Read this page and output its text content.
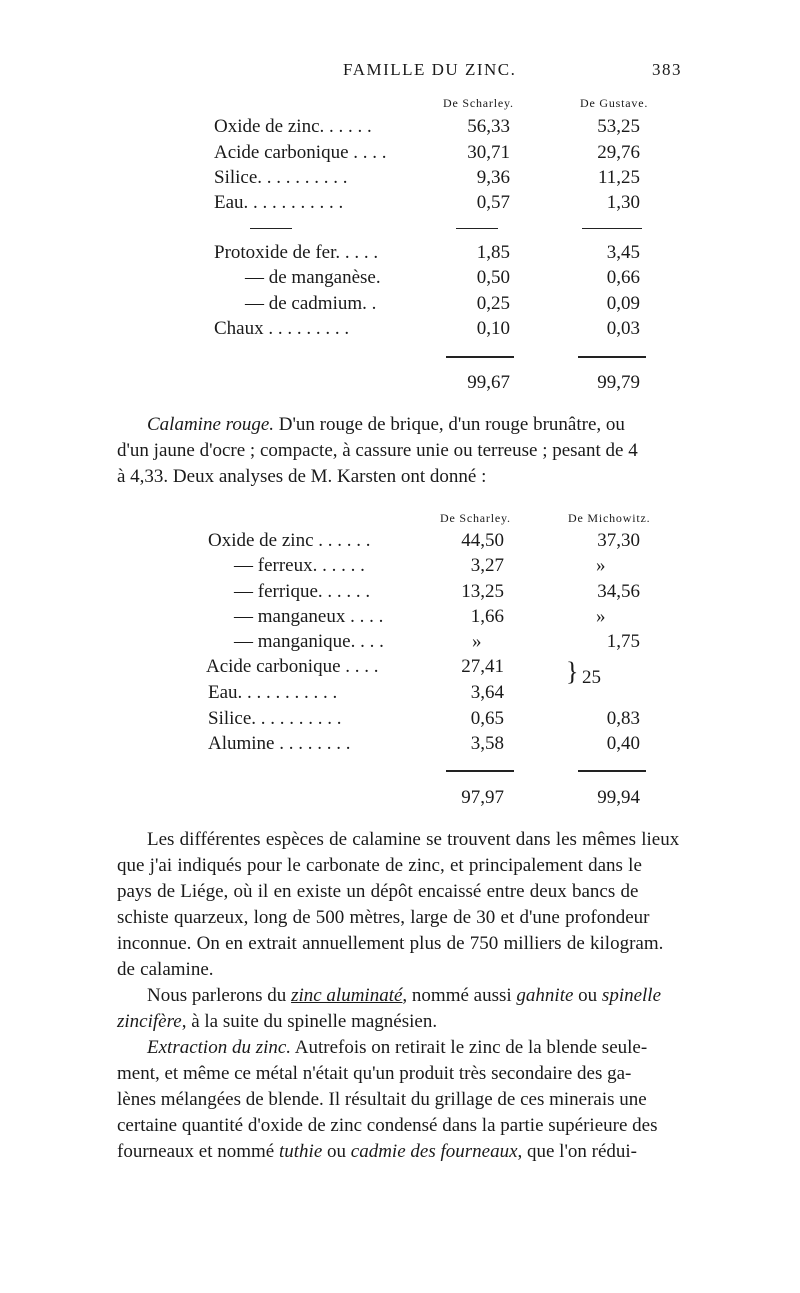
FAMILLE DU ZINC.	383
De Scharley.	De Gustave.
Oxide de zinc. . . . . .	56,33	53,25
Acide carbonique . . . .	30,71	29,76
Silice. . . . . . . . . .	9,36	11,25
Eau. . . . . . . . . . .	0,57	1,30
Protoxide de fer. . . . .	1,85	3,45
— de manganèse.	0,50	0,66
— de cadmium. .	0,25	0,09
Chaux . . . . . . . . .	0,10	0,03
99,67	99,79
Calamine rouge. D'un rouge de brique, d'un rouge brunâtre, ou
d'un jaune d'ocre ; compacte, à cassure unie ou terreuse ; pesant de 4
à 4,33. Deux analyses de M. Karsten ont donné :
De Scharley.	De Michowitz.
Oxide de zinc . . . . . .	44,50	37,30
— ferreux. . . . . .	3,27	»
— ferrique. . . . . .	13,25	34,56
— manganeux . . . .	1,66	»
— manganique. . . .	»	1,75
Acide carbonique . . . .	27,41
Eau. . . . . . . . . . .	3,64
} 25
Silice. . . . . . . . . .	0,65	0,83
Alumine . . . . . . . .	3,58	0,40
97,97	99,94
Les différentes espèces de calamine se trouvent dans les mêmes lieux
que j'ai indiqués pour le carbonate de zinc, et principalement dans le
pays de Liége, où il en existe un dépôt encaissé entre deux bancs de
schiste quarzeux, long de 500 mètres, large de 30 et d'une profondeur
inconnue. On en extrait annuellement plus de 750 milliers de kilogram.
de calamine.
Nous parlerons du zinc aluminaté, nommé aussi gahnite ou spinelle
zincifère, à la suite du spinelle magnésien.
Extraction du zinc. Autrefois on retirait le zinc de la blende seule-
ment, et même ce métal n'était qu'un produit très secondaire des ga-
lènes mélangées de blende. Il résultait du grillage de ces minerais une
certaine quantité d'oxide de zinc condensé dans la partie supérieure des
fourneaux et nommé tuthie ou cadmie des fourneaux, que l'on rédui-
